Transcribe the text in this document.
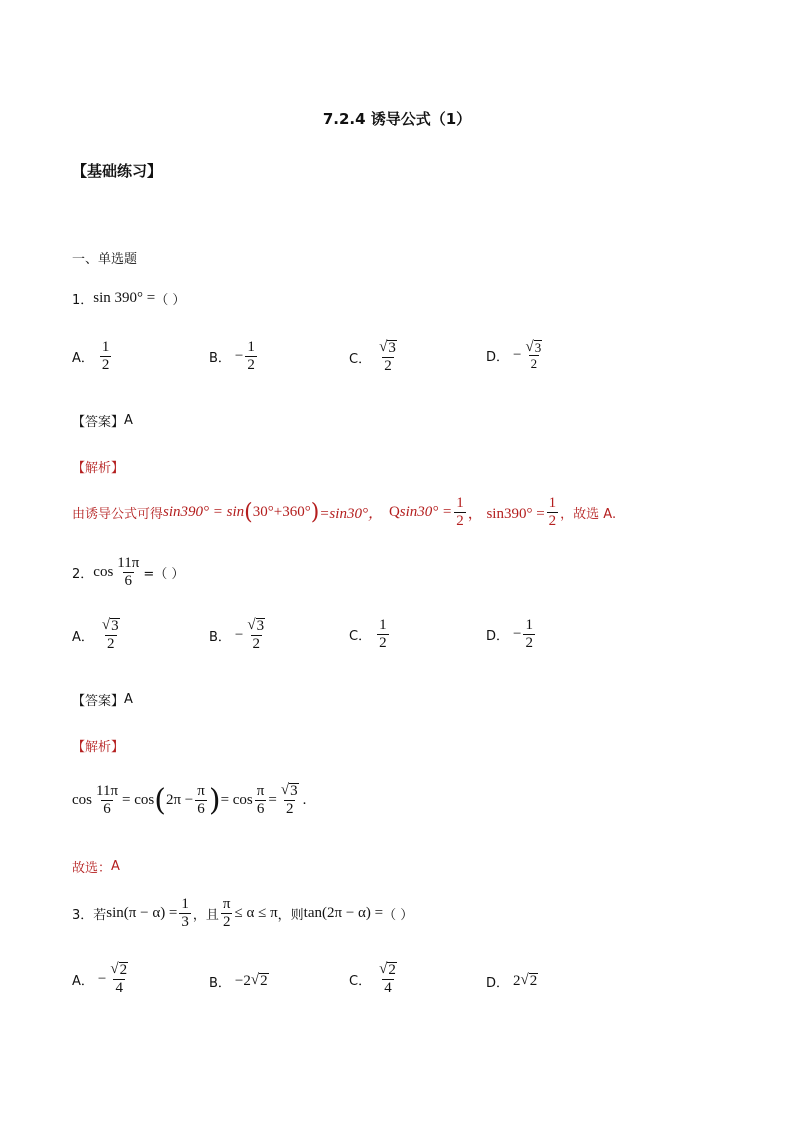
7.2.4 诱导公式（1）
【基础练习】
一、单选题
1． sin 390° = （ ）
A． $\frac{1}{2}$	B． − $\frac{1}{2}$	C． $\frac{√ 3}{2}$	D． − $\frac{√ 3}{2}$
【答案】 A
【解析】
由诱导公式可得 sin390° = sin ( 30°+360° ) =sin30°， Q $\sin 30^\circ = \frac{1}{2}$ ， $\sin 390^\circ = \frac{1}{2}$ ，故选 A.
2． $\cos \frac{11\pi}{6}$ =（ ）
A． $\frac{√ 3}{2}$	B． − $\frac{√ 3}{2}$	C． $\frac{1}{2}$	D． − $\frac{1}{2}$
【答案】 A
【解析】
$\cos \frac{11\pi}{6} = \cos$ ( $2\pi - \frac{\pi}{6}$ ) = $\cos \frac{\pi}{6} = \frac{√ 3}{2}$ .
故选： A
3． 若 $\sin(\pi - \alpha) = \frac{1}{3}$ ，且 $\frac{\pi}{2} \le \alpha \le \pi$ ，则 tan(2π − α) = （ ）
A． − $\frac{√ 2}{4}$	B． −2 √ 2	C． $\frac{√ 2}{4}$	D． 2 √ 2
